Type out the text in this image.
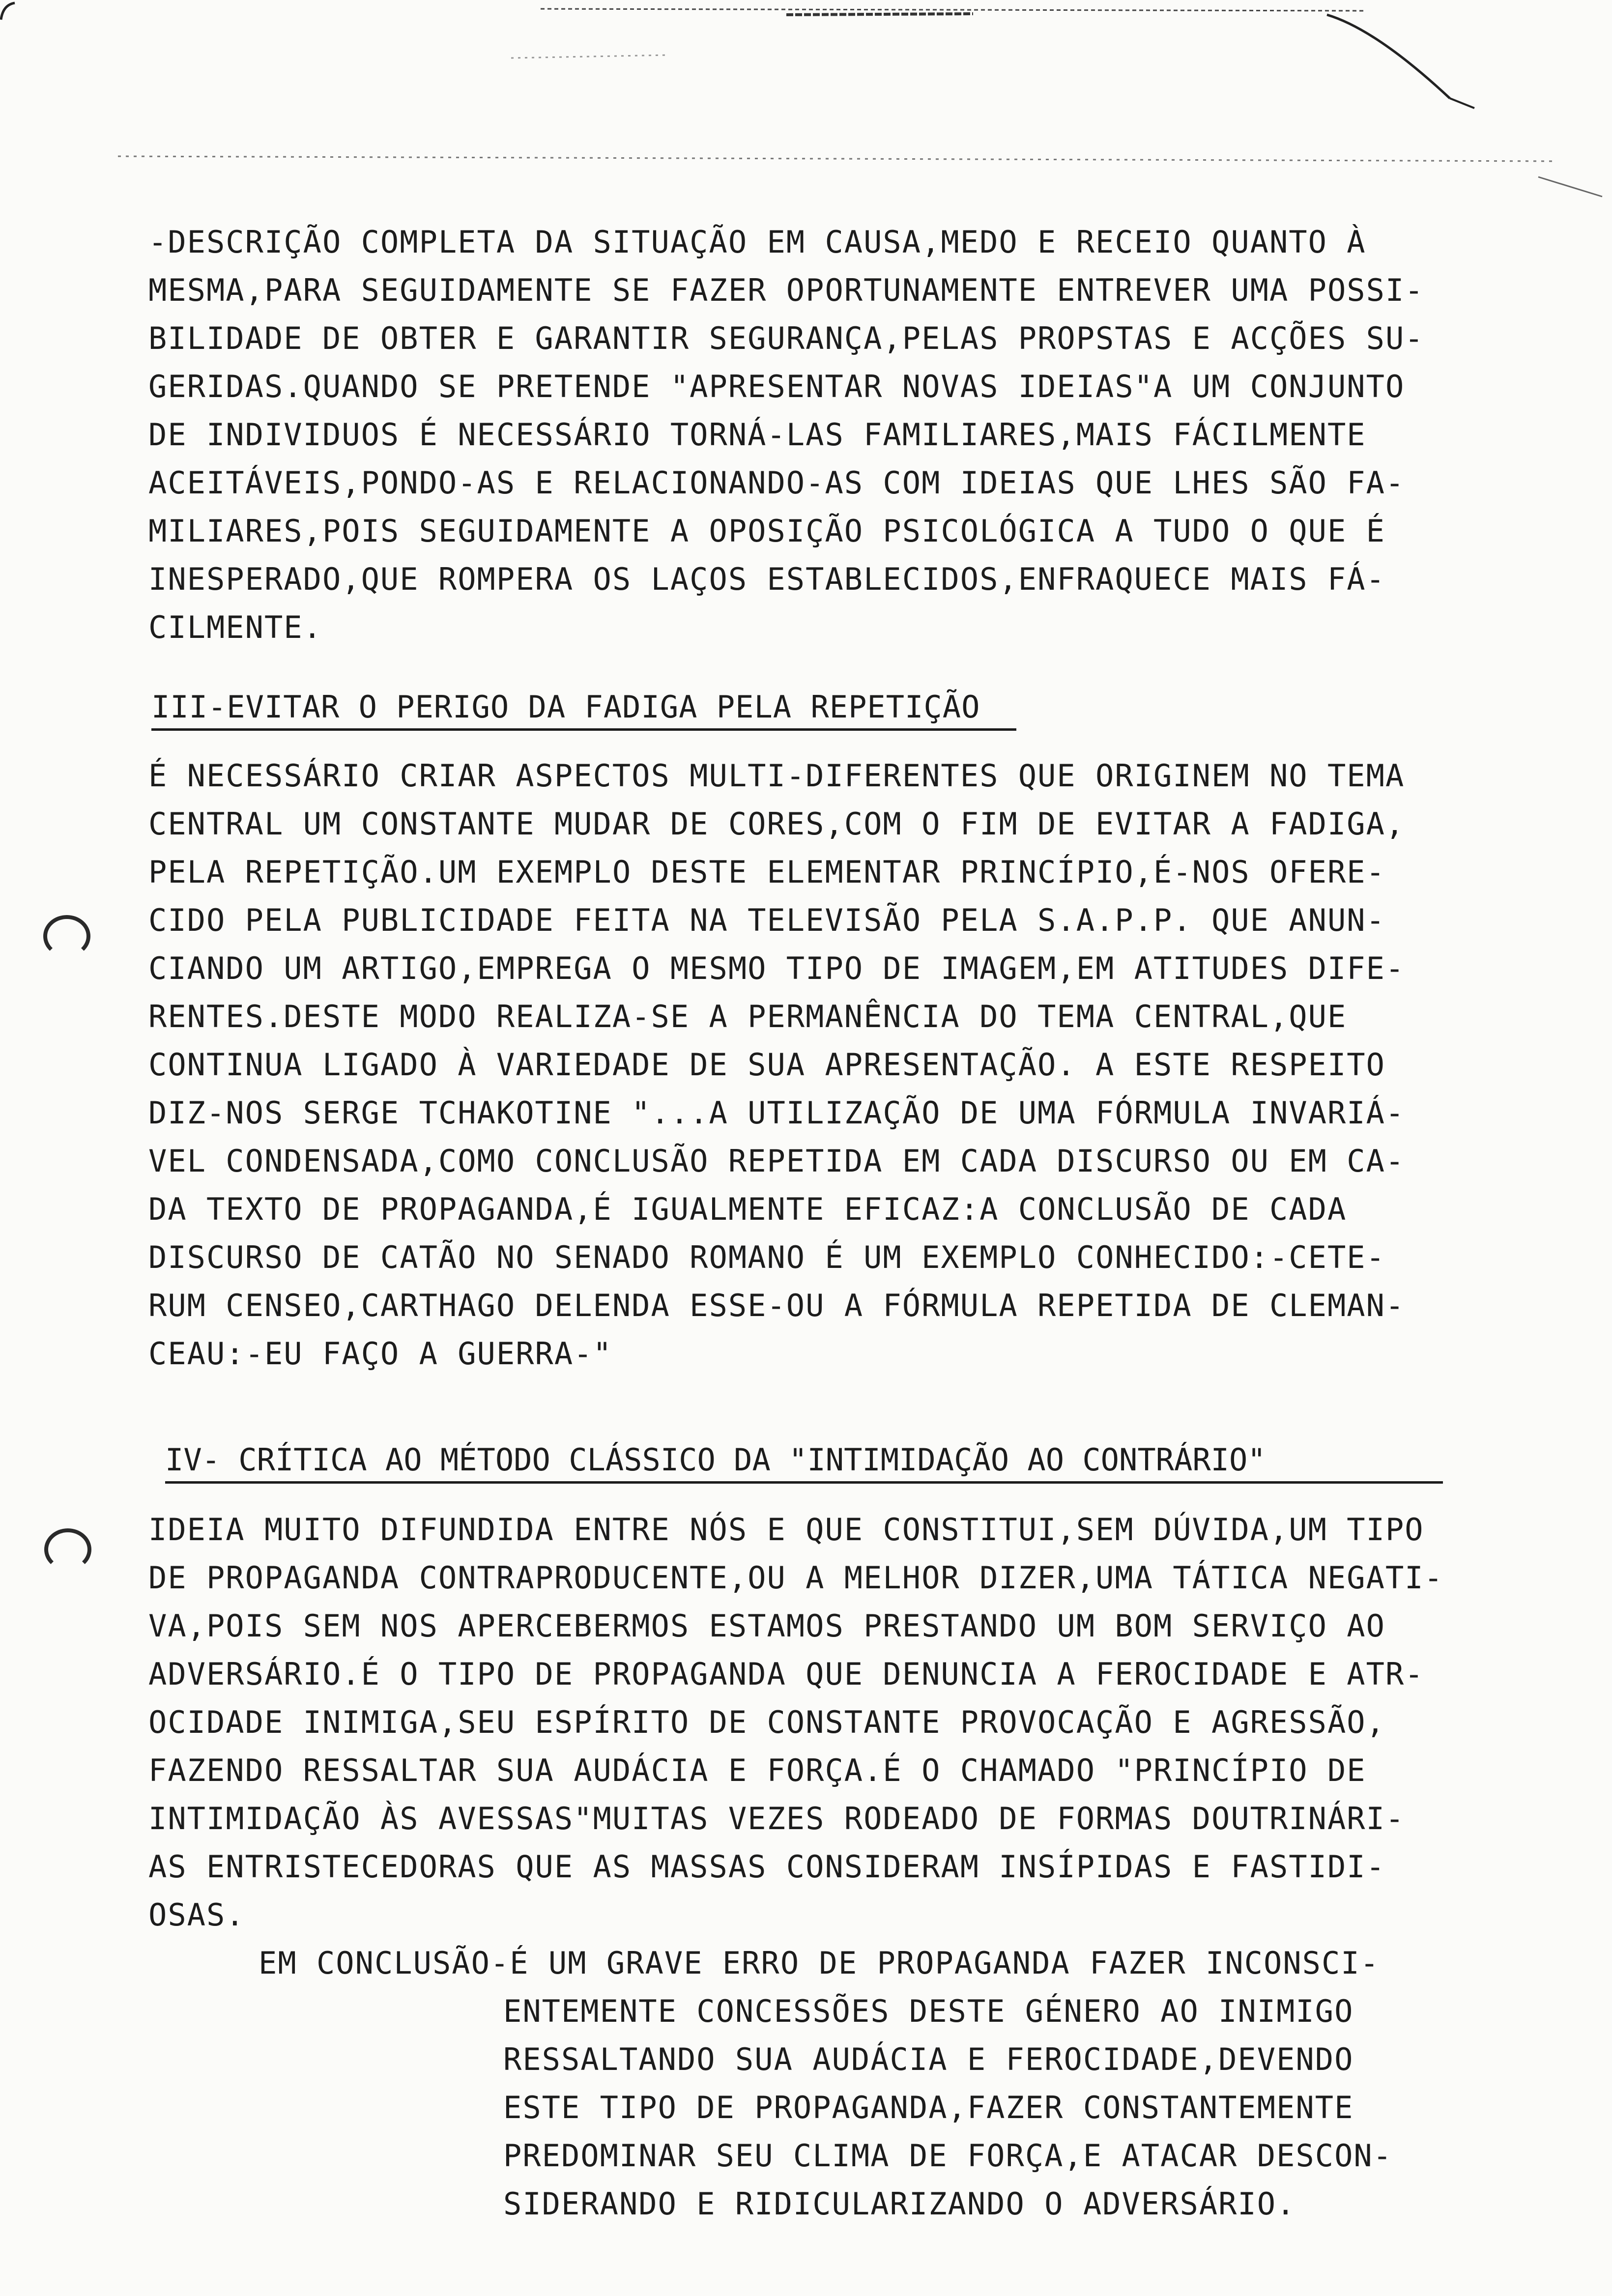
-DESCRIÇÃO COMPLETA DA SITUAÇÃO EM CAUSA,MEDO E RECEIO QUANTO À
MESMA,PARA SEGUIDAMENTE SE FAZER OPORTUNAMENTE ENTREVER UMA POSSI-
BILIDADE DE OBTER E GARANTIR SEGURANÇA,PELAS PROPSTAS E ACÇÕES SU-
GERIDAS.QUANDO SE PRETENDE "APRESENTAR NOVAS IDEIAS"A UM CONJUNTO
DE INDIVIDUOS É NECESSÁRIO TORNÁ-LAS FAMILIARES,MAIS FÁCILMENTE
ACEITÁVEIS,PONDO-AS E RELACIONANDO-AS COM IDEIAS QUE LHES SÃO FA-
MILIARES,POIS SEGUIDAMENTE A OPOSIÇÃO PSICOLÓGICA A TUDO O QUE É
INESPERADO,QUE ROMPERA OS LAÇOS ESTABLECIDOS,ENFRAQUECE MAIS FÁ-
CILMENTE.
III-EVITAR O PERIGO DA FADIGA PELA REPETIÇÃO
É NECESSÁRIO CRIAR ASPECTOS MULTI-DIFERENTES QUE ORIGINEM NO TEMA
CENTRAL UM CONSTANTE MUDAR DE CORES,COM O FIM DE EVITAR A FADIGA,
PELA REPETIÇÃO.UM EXEMPLO DESTE ELEMENTAR PRINCÍPIO,É-NOS OFERE-
CIDO PELA PUBLICIDADE FEITA NA TELEVISÃO PELA S.A.P.P. QUE ANUN-
CIANDO UM ARTIGO,EMPREGA O MESMO TIPO DE IMAGEM,EM ATITUDES DIFE-
RENTES.DESTE MODO REALIZA-SE A PERMANÊNCIA DO TEMA CENTRAL,QUE
CONTINUA LIGADO À VARIEDADE DE SUA APRESENTAÇÃO. A ESTE RESPEITO
DIZ-NOS SERGE TCHAKOTINE "...A UTILIZAÇÃO DE UMA FÓRMULA INVARIÁ-
VEL CONDENSADA,COMO CONCLUSÃO REPETIDA EM CADA DISCURSO OU EM CA-
DA TEXTO DE PROPAGANDA,É IGUALMENTE EFICAZ:A CONCLUSÃO DE CADA
DISCURSO DE CATÃO NO SENADO ROMANO É UM EXEMPLO CONHECIDO:-CETE-
RUM CENSEO,CARTHAGO DELENDA ESSE-OU A FÓRMULA REPETIDA DE CLEMAN-
CEAU:-EU FAÇO A GUERRA-"
IV- CRÍTICA AO MÉTODO CLÁSSICO DA "INTIMIDAÇÃO AO CONTRÁRIO"
IDEIA MUITO DIFUNDIDA ENTRE NÓS E QUE CONSTITUI,SEM DÚVIDA,UM TIPO
DE PROPAGANDA CONTRAPRODUCENTE,OU A MELHOR DIZER,UMA TÁTICA NEGATI-
VA,POIS SEM NOS APERCEBERMOS ESTAMOS PRESTANDO UM BOM SERVIÇO AO
ADVERSÁRIO.É O TIPO DE PROPAGANDA QUE DENUNCIA A FEROCIDADE E ATR-
OCIDADE INIMIGA,SEU ESPÍRITO DE CONSTANTE PROVOCAÇÃO E AGRESSÃO,
FAZENDO RESSALTAR SUA AUDÁCIA E FORÇA.É O CHAMADO "PRINCÍPIO DE
INTIMIDAÇÃO ÀS AVESSAS"MUITAS VEZES RODEADO DE FORMAS DOUTRINÁRI-
AS ENTRISTECEDORAS QUE AS MASSAS CONSIDERAM INSÍPIDAS E FASTIDI-
OSAS.
EM CONCLUSÃO-É UM GRAVE ERRO DE PROPAGANDA FAZER INCONSCI-
ENTEMENTE CONCESSÕES DESTE GÉNERO AO INIMIGO
RESSALTANDO SUA AUDÁCIA E FEROCIDADE,DEVENDO
ESTE TIPO DE PROPAGANDA,FAZER CONSTANTEMENTE
PREDOMINAR SEU CLIMA DE FORÇA,E ATACAR DESCON-
SIDERANDO E RIDICULARIZANDO O ADVERSÁRIO.
